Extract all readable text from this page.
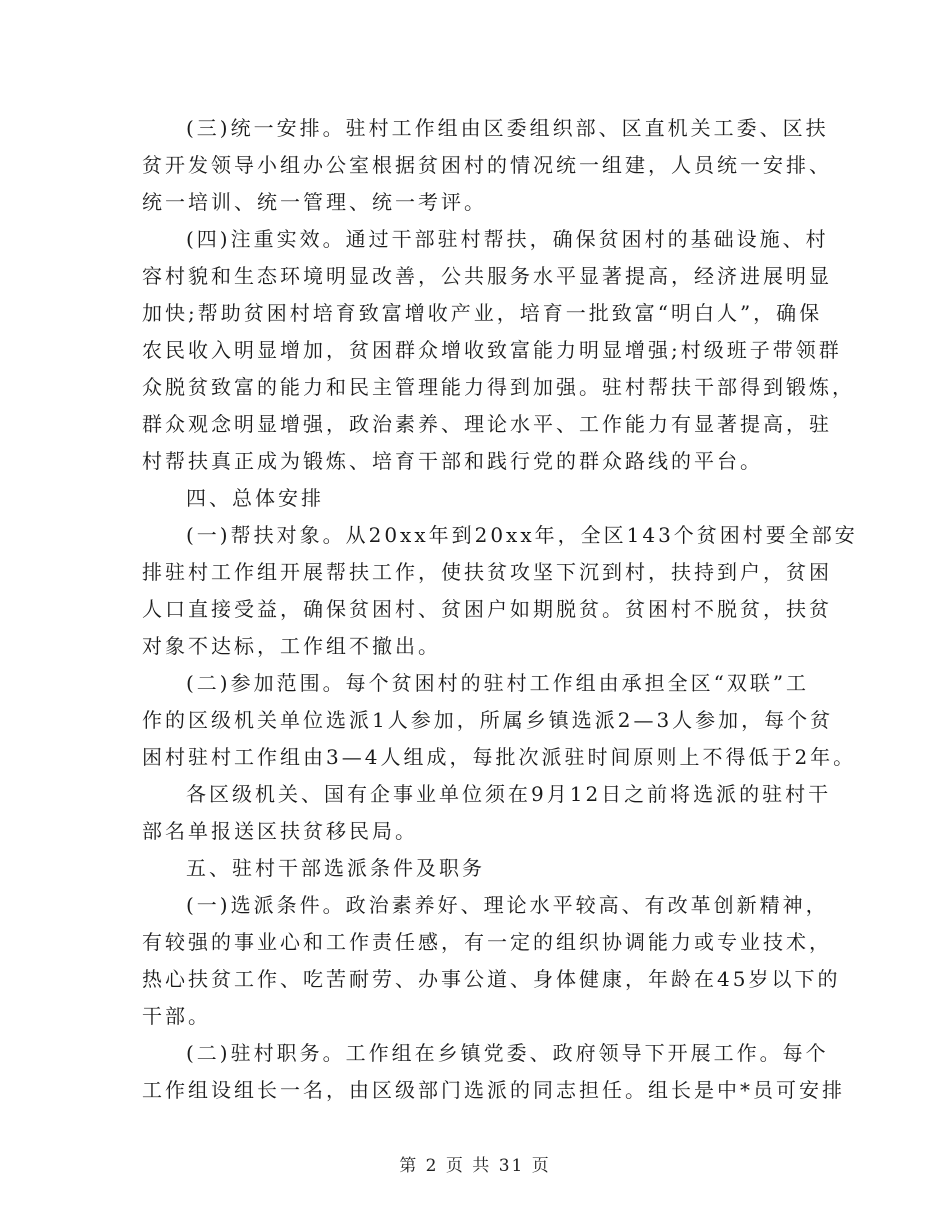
(三)统一安排。驻村工作组由区委组织部、区直机关工委、区扶
贫开发领导小组办公室根据贫困村的情况统一组建，人员统一安排、
统一培训、统一管理、统一考评。
(四)注重实效。通过干部驻村帮扶，确保贫困村的基础设施、村
容村貌和生态环境明显改善，公共服务水平显著提高，经济进展明显
加快;帮助贫困村培育致富增收产业，培育一批致富“明白人”，确保
农民收入明显增加，贫困群众增收致富能力明显增强;村级班子带领群
众脱贫致富的能力和民主管理能力得到加强。驻村帮扶干部得到锻炼，
群众观念明显增强，政治素养、理论水平、工作能力有显著提高，驻
村帮扶真正成为锻炼、培育干部和践行党的群众路线的平台。
四、总体安排
(一)帮扶对象。从20xx年到20xx年，全区143个贫困村要全部安
排驻村工作组开展帮扶工作，使扶贫攻坚下沉到村，扶持到户，贫困
人口直接受益，确保贫困村、贫困户如期脱贫。贫困村不脱贫，扶贫
对象不达标，工作组不撤出。
(二)参加范围。每个贫困村的驻村工作组由承担全区“双联”工
作的区级机关单位选派1人参加，所属乡镇选派2—3人参加，每个贫
困村驻村工作组由3—4人组成，每批次派驻时间原则上不得低于2年。
各区级机关、国有企事业单位须在9月12日之前将选派的驻村干
部名单报送区扶贫移民局。
五、驻村干部选派条件及职务
(一)选派条件。政治素养好、理论水平较高、有改革创新精神，
有较强的事业心和工作责任感，有一定的组织协调能力或专业技术，
热心扶贫工作、吃苦耐劳、办事公道、身体健康，年龄在45岁以下的
干部。
(二)驻村职务。工作组在乡镇党委、政府领导下开展工作。每个
工作组设组长一名，由区级部门选派的同志担任。组长是中*员可安排
第 2 页 共 31 页
